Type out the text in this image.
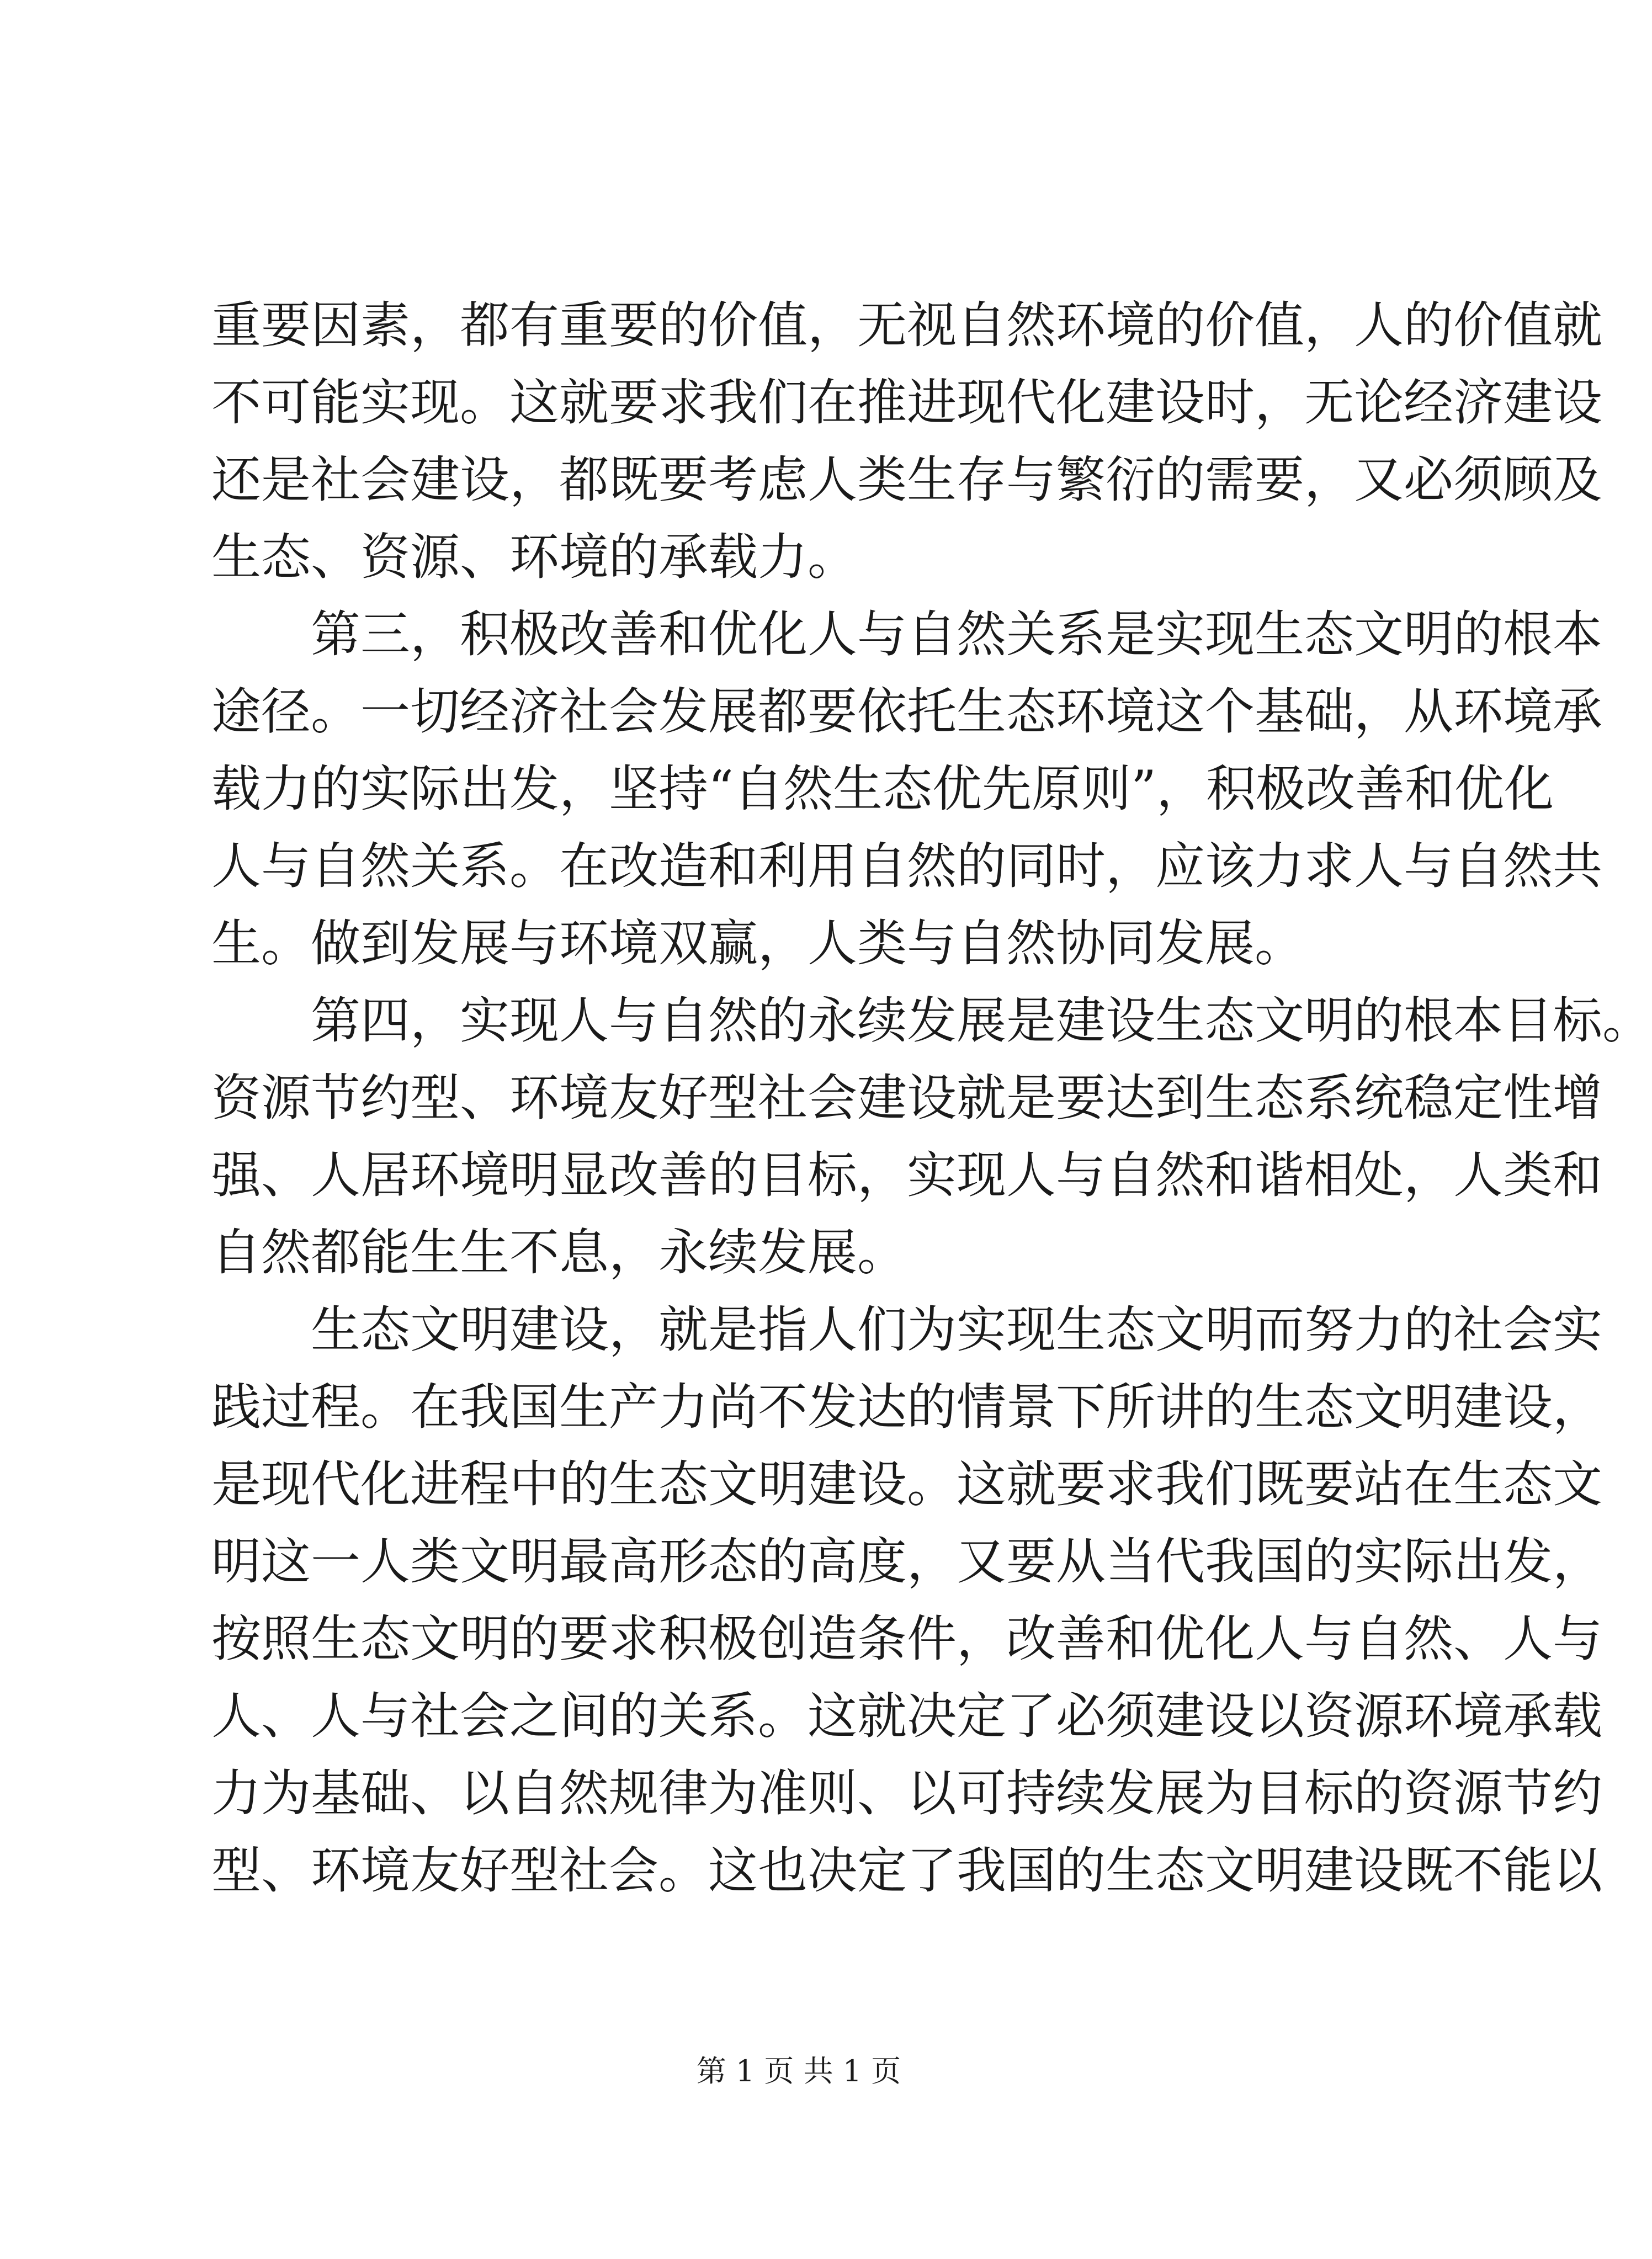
重要因素，都有重要的价值，无视自然环境的价值，人的价值就
不可能实现。这就要求我们在推进现代化建设时，无论经济建设
还是社会建设，都既要考虑人类生存与繁衍的需要，又必须顾及
生态、资源、环境的承载力。
第三，积极改善和优化人与自然关系是实现生态文明的根本
途径。一切经济社会发展都要依托生态环境这个基础，从环境承
载力的实际出发，坚持“自然生态优先原则”，积极改善和优化
人与自然关系。在改造和利用自然的同时，应该力求人与自然共
生。做到发展与环境双赢，人类与自然协同发展。
第四，实现人与自然的永续发展是建设生态文明的根本目标。
资源节约型、环境友好型社会建设就是要达到生态系统稳定性增
强、人居环境明显改善的目标，实现人与自然和谐相处，人类和
自然都能生生不息，永续发展。
生态文明建设，就是指人们为实现生态文明而努力的社会实
践过程。在我国生产力尚不发达的情景下所讲的生态文明建设，
是现代化进程中的生态文明建设。这就要求我们既要站在生态文
明这一人类文明最高形态的高度，又要从当代我国的实际出发，
按照生态文明的要求积极创造条件，改善和优化人与自然、人与
人、人与社会之间的关系。这就决定了必须建设以资源环境承载
力为基础、以自然规律为准则、以可持续发展为目标的资源节约
型、环境友好型社会。这也决定了我国的生态文明建设既不能以
第 1 页 共 1 页
